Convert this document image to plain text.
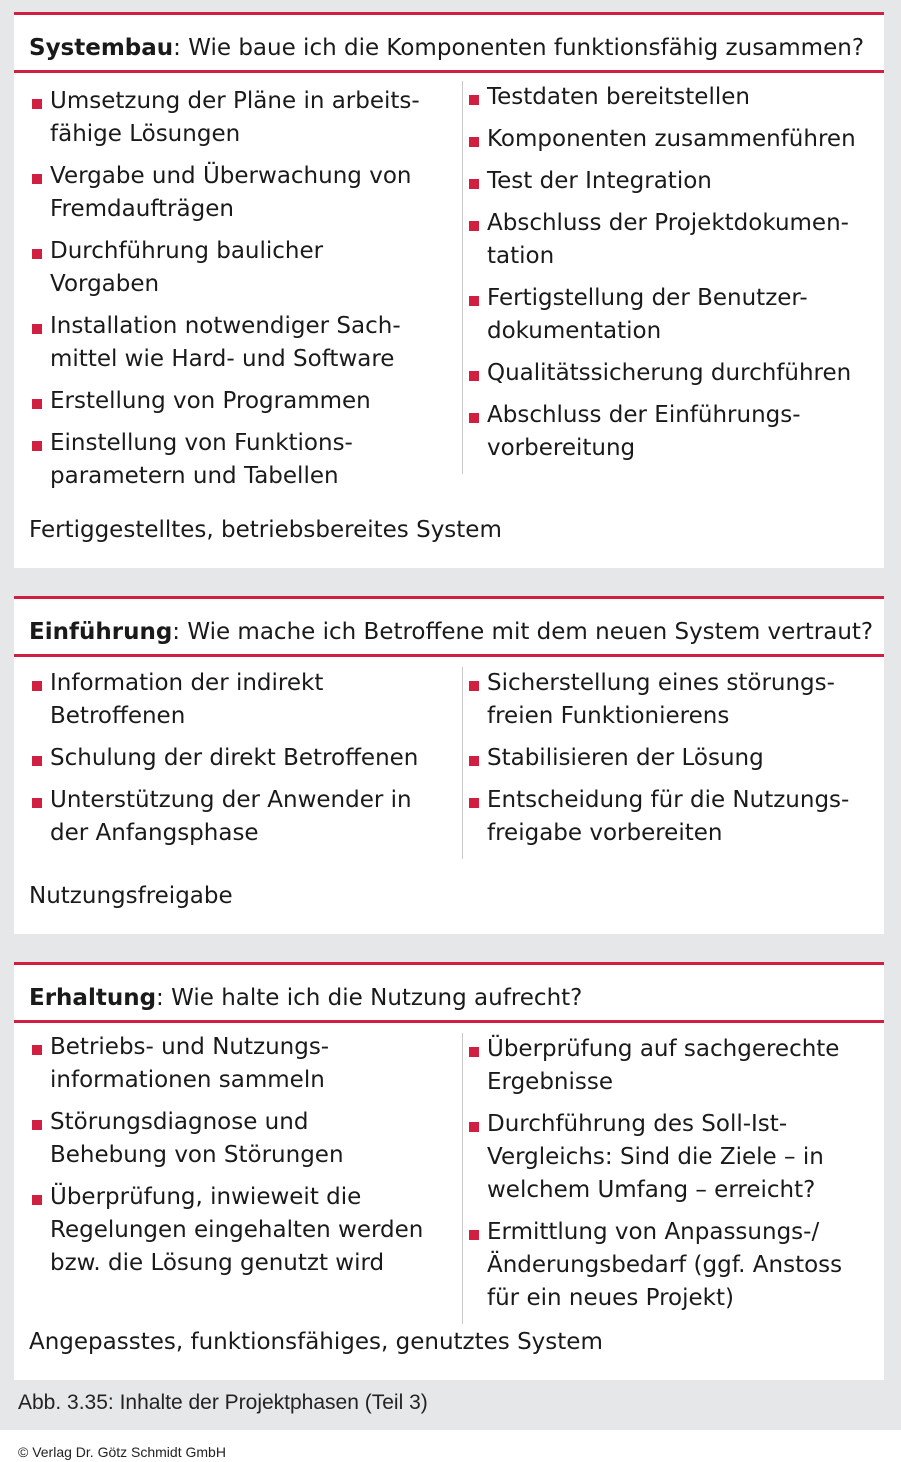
Systembau: Wie baue ich die Komponenten funktionsfähig zusammen?
Umsetzung der Pläne in arbeits-
fähige Lösungen
Vergabe und Überwachung von
Fremdaufträgen
Durchführung baulicher
Vorgaben
Installation notwendiger Sach-
mittel wie Hard- und Software
Erstellung von Programmen
Einstellung von Funktions-
parametern und Tabellen
Testdaten bereitstellen
Komponenten zusammenführen
Test der Integration
Abschluss der Projektdokumen-
tation
Fertigstellung der Benutzer-
dokumentation
Qualitätssicherung durchführen
Abschluss der Einführungs-
vorbereitung
Fertiggestelltes, betriebsbereites System
Einführung: Wie mache ich Betroffene mit dem neuen System vertraut?
Information der indirekt
Betroffenen
Schulung der direkt Betroffenen
Unterstützung der Anwender in
der Anfangsphase
Sicherstellung eines störungs-
freien Funktionierens
Stabilisieren der Lösung
Entscheidung für die Nutzungs-
freigabe vorbereiten
Nutzungsfreigabe
Erhaltung: Wie halte ich die Nutzung aufrecht?
Betriebs- und Nutzungs-
informationen sammeln
Störungsdiagnose und
Behebung von Störungen
Überprüfung, inwieweit die
Regelungen eingehalten werden
bzw. die Lösung genutzt wird
Überprüfung auf sachgerechte
Ergebnisse
Durchführung des Soll-Ist-
Vergleichs: Sind die Ziele – in
welchem Umfang – erreicht?
Ermittlung von Anpassungs-/
Änderungsbedarf (ggf. Anstoss
für ein neues Projekt)
Angepasstes, funktionsfähiges, genutztes System
Abb. 3.35: Inhalte der Projektphasen (Teil 3)
© Verlag Dr. Götz Schmidt GmbH
